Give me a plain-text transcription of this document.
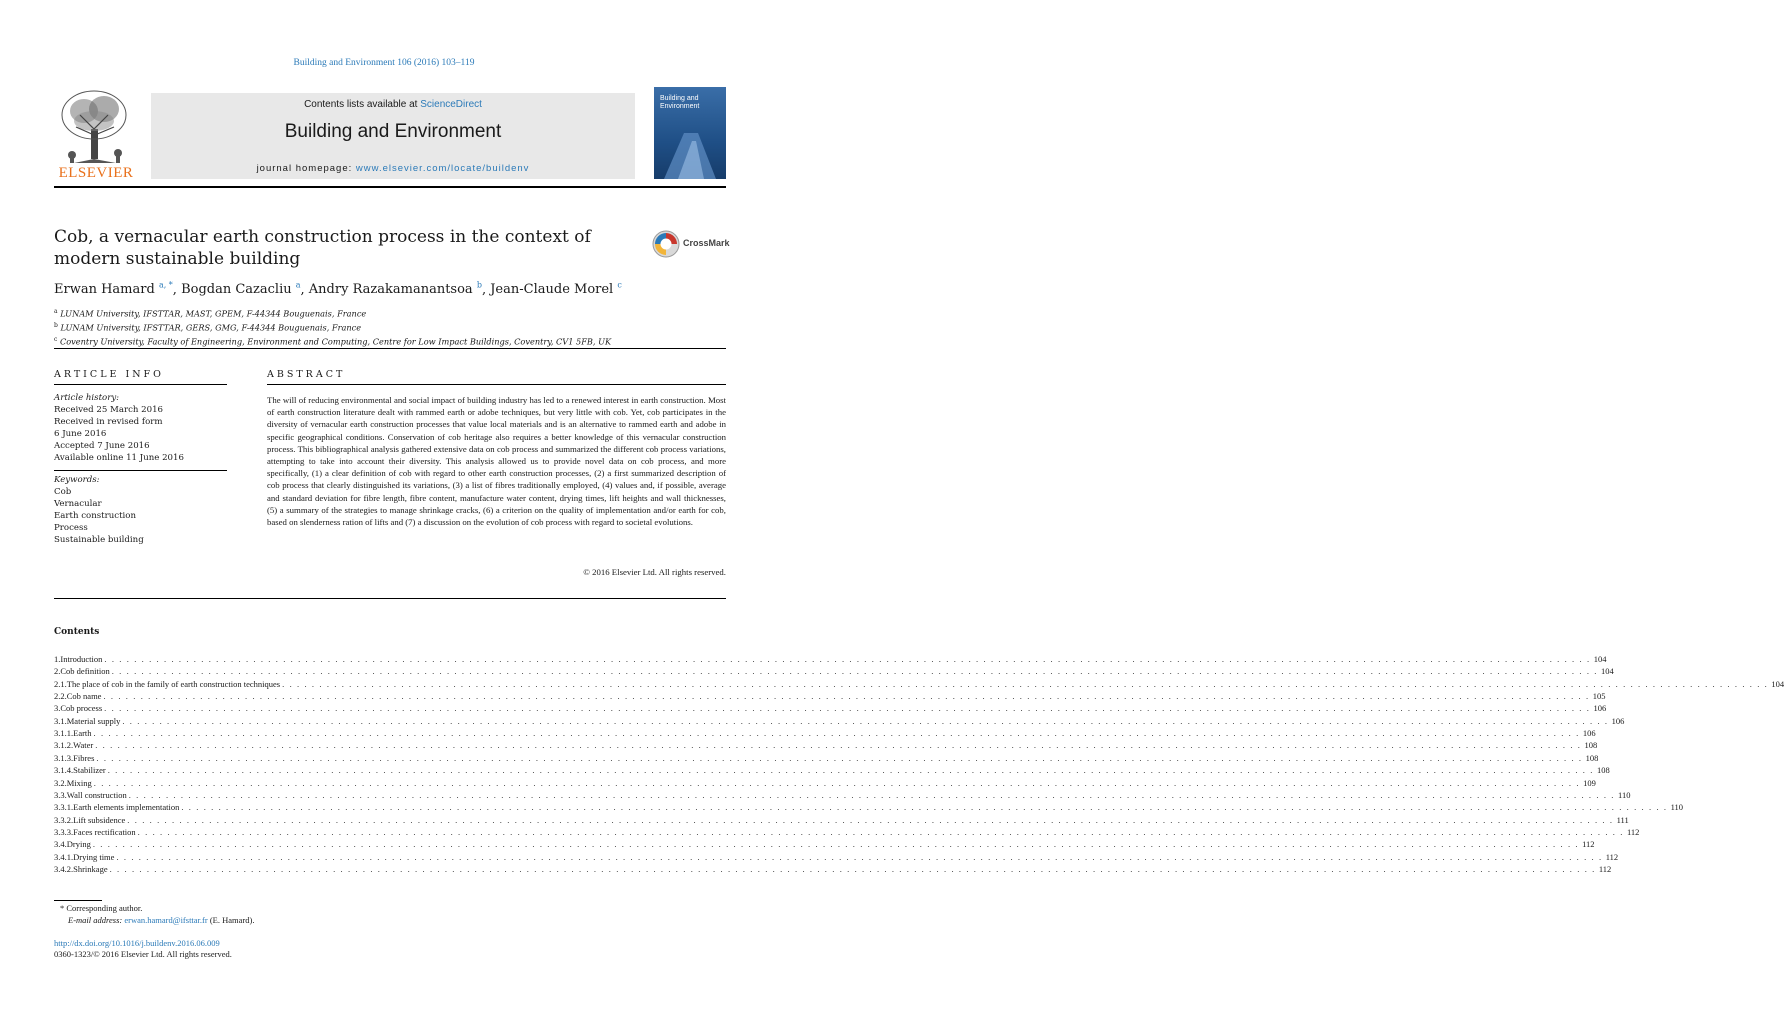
Building and Environment 106 (2016) 103–119
ELSEVIER
Contents lists available at ScienceDirect
Building and Environment
journal homepage: www.elsevier.com/locate/buildenv
Building and Environment
Cob, a vernacular earth construction process in the context of modern sustainable building
CrossMark
Erwan Hamard $^{a, *}$, Bogdan Cazacliu $^a$, Andry Razakamanantsoa $^b$, Jean-Claude Morel $^c$
$^a$ LUNAM University, IFSTTAR, MAST, GPEM, F-44344 Bouguenais, France
$^b$ LUNAM University, IFSTTAR, GERS, GMG, F-44344 Bouguenais, France
$^c$ Coventry University, Faculty of Engineering, Environment and Computing, Centre for Low Impact Buildings, Coventry, CV1 5FB, UK
ARTICLE INFO	ABSTRACT
Article history:
Received 25 March 2016
Received in revised form
6 June 2016
Accepted 7 June 2016
Available online 11 June 2016
Keywords:
Cob
Vernacular
Earth construction
Process
Sustainable building
The will of reducing environmental and social impact of building industry has led to a renewed interest in earth construction. Most of earth construction literature dealt with rammed earth or adobe techniques, but very little with cob. Yet, cob participates in the diversity of vernacular earth construction processes that value local materials and is an alternative to rammed earth and adobe in specific geographical conditions. Conservation of cob heritage also requires a better knowledge of this vernacular construction process. This bibliographical analysis gathered extensive data on cob process and summarized the different cob process variations, attempting to take into account their diversity. This analysis allowed us to provide novel data on cob process, and more specifically, (1) a clear definition of cob with regard to other earth construction processes, (2) a first summarized description of cob process that clearly distinguished its variations, (3) a list of fibres traditionally employed, (4) values and, if possible, average and standard deviation for fibre length, fibre content, manufacture water content, drying times, lift heights and wall thicknesses, (5) a summary of the strategies to manage shrinkage cracks, (6) a criterion on the quality of implementation and/or earth for cob, based on slenderness ration of lifts and (7) a discussion on the evolution of cob process with regard to societal evolutions.
© 2016 Elsevier Ltd. All rights reserved.
Contents
1. Introduction . . . . . . . . . . . . . . . . . . . . . . . . . . . . . . . . . . . . . . . . . . . . . . . . . . . . . . . . . . . . . . . . . . . . . . . . . . . . . . . . . . . . . . . . . . . . . . . . . . . . . . . . . . . . . . . . . . . . . . . . . . . . . . . . . . . . . . . . . . . . . . . . . . . . . . . . . . . . . . . . . . . . . . . . . . . . . . . . . . . . . . . . . . . . . . . . . . . . . . . . 104
2. Cob definition . . . . . . . . . . . . . . . . . . . . . . . . . . . . . . . . . . . . . . . . . . . . . . . . . . . . . . . . . . . . . . . . . . . . . . . . . . . . . . . . . . . . . . . . . . . . . . . . . . . . . . . . . . . . . . . . . . . . . . . . . . . . . . . . . . . . . . . . . . . . . . . . . . . . . . . . . . . . . . . . . . . . . . . . . . . . . . . . . . . . . . . . . . . . . . . . . . . . . . . . 104
2.1. The place of cob in the family of earth construction techniques . . . . . . . . . . . . . . . . . . . . . . . . . . . . . . . . . . . . . . . . . . . . . . . . . . . . . . . . . . . . . . . . . . . . . . . . . . . . . . . . . . . . . . . . . . . . . . . . . . . . . . . . . . . . . . . . . . . . . . . . . . . . . . . . . . . . . . . . . . . . . . . . . . . . . . . . . . . . . . . . . . . . . . . . . . . . . . . . . . . . . . . . . . . . . . . . . . . . . . . . 104
2.2. Cob name . . . . . . . . . . . . . . . . . . . . . . . . . . . . . . . . . . . . . . . . . . . . . . . . . . . . . . . . . . . . . . . . . . . . . . . . . . . . . . . . . . . . . . . . . . . . . . . . . . . . . . . . . . . . . . . . . . . . . . . . . . . . . . . . . . . . . . . . . . . . . . . . . . . . . . . . . . . . . . . . . . . . . . . . . . . . . . . . . . . . . . . . . . . . . . . . . . . . . . . . 105
3. Cob process . . . . . . . . . . . . . . . . . . . . . . . . . . . . . . . . . . . . . . . . . . . . . . . . . . . . . . . . . . . . . . . . . . . . . . . . . . . . . . . . . . . . . . . . . . . . . . . . . . . . . . . . . . . . . . . . . . . . . . . . . . . . . . . . . . . . . . . . . . . . . . . . . . . . . . . . . . . . . . . . . . . . . . . . . . . . . . . . . . . . . . . . . . . . . . . . . . . . . . . . 106
3.1. Material supply . . . . . . . . . . . . . . . . . . . . . . . . . . . . . . . . . . . . . . . . . . . . . . . . . . . . . . . . . . . . . . . . . . . . . . . . . . . . . . . . . . . . . . . . . . . . . . . . . . . . . . . . . . . . . . . . . . . . . . . . . . . . . . . . . . . . . . . . . . . . . . . . . . . . . . . . . . . . . . . . . . . . . . . . . . . . . . . . . . . . . . . . . . . . . . . . . . . . . . . . 106
3.1.1. Earth . . . . . . . . . . . . . . . . . . . . . . . . . . . . . . . . . . . . . . . . . . . . . . . . . . . . . . . . . . . . . . . . . . . . . . . . . . . . . . . . . . . . . . . . . . . . . . . . . . . . . . . . . . . . . . . . . . . . . . . . . . . . . . . . . . . . . . . . . . . . . . . . . . . . . . . . . . . . . . . . . . . . . . . . . . . . . . . . . . . . . . . . . . . . . . . . . . . . . . . . 106
3.1.2. Water . . . . . . . . . . . . . . . . . . . . . . . . . . . . . . . . . . . . . . . . . . . . . . . . . . . . . . . . . . . . . . . . . . . . . . . . . . . . . . . . . . . . . . . . . . . . . . . . . . . . . . . . . . . . . . . . . . . . . . . . . . . . . . . . . . . . . . . . . . . . . . . . . . . . . . . . . . . . . . . . . . . . . . . . . . . . . . . . . . . . . . . . . . . . . . . . . . . . . . . . 108
3.1.3. Fibres . . . . . . . . . . . . . . . . . . . . . . . . . . . . . . . . . . . . . . . . . . . . . . . . . . . . . . . . . . . . . . . . . . . . . . . . . . . . . . . . . . . . . . . . . . . . . . . . . . . . . . . . . . . . . . . . . . . . . . . . . . . . . . . . . . . . . . . . . . . . . . . . . . . . . . . . . . . . . . . . . . . . . . . . . . . . . . . . . . . . . . . . . . . . . . . . . . . . . . . . 108
3.1.4. Stabilizer . . . . . . . . . . . . . . . . . . . . . . . . . . . . . . . . . . . . . . . . . . . . . . . . . . . . . . . . . . . . . . . . . . . . . . . . . . . . . . . . . . . . . . . . . . . . . . . . . . . . . . . . . . . . . . . . . . . . . . . . . . . . . . . . . . . . . . . . . . . . . . . . . . . . . . . . . . . . . . . . . . . . . . . . . . . . . . . . . . . . . . . . . . . . . . . . . . . . . . . . 108
3.2. Mixing . . . . . . . . . . . . . . . . . . . . . . . . . . . . . . . . . . . . . . . . . . . . . . . . . . . . . . . . . . . . . . . . . . . . . . . . . . . . . . . . . . . . . . . . . . . . . . . . . . . . . . . . . . . . . . . . . . . . . . . . . . . . . . . . . . . . . . . . . . . . . . . . . . . . . . . . . . . . . . . . . . . . . . . . . . . . . . . . . . . . . . . . . . . . . . . . . . . . . . . . 109
3.3. Wall construction . . . . . . . . . . . . . . . . . . . . . . . . . . . . . . . . . . . . . . . . . . . . . . . . . . . . . . . . . . . . . . . . . . . . . . . . . . . . . . . . . . . . . . . . . . . . . . . . . . . . . . . . . . . . . . . . . . . . . . . . . . . . . . . . . . . . . . . . . . . . . . . . . . . . . . . . . . . . . . . . . . . . . . . . . . . . . . . . . . . . . . . . . . . . . . . . . . . . . . . . 110
3.3.1. Earth elements implementation . . . . . . . . . . . . . . . . . . . . . . . . . . . . . . . . . . . . . . . . . . . . . . . . . . . . . . . . . . . . . . . . . . . . . . . . . . . . . . . . . . . . . . . . . . . . . . . . . . . . . . . . . . . . . . . . . . . . . . . . . . . . . . . . . . . . . . . . . . . . . . . . . . . . . . . . . . . . . . . . . . . . . . . . . . . . . . . . . . . . . . . . . . . . . . . . . . . . . . . . 110
3.3.2. Lift subsidence . . . . . . . . . . . . . . . . . . . . . . . . . . . . . . . . . . . . . . . . . . . . . . . . . . . . . . . . . . . . . . . . . . . . . . . . . . . . . . . . . . . . . . . . . . . . . . . . . . . . . . . . . . . . . . . . . . . . . . . . . . . . . . . . . . . . . . . . . . . . . . . . . . . . . . . . . . . . . . . . . . . . . . . . . . . . . . . . . . . . . . . . . . . . . . . . . . . . . . . . 111
3.3.3. Faces rectification . . . . . . . . . . . . . . . . . . . . . . . . . . . . . . . . . . . . . . . . . . . . . . . . . . . . . . . . . . . . . . . . . . . . . . . . . . . . . . . . . . . . . . . . . . . . . . . . . . . . . . . . . . . . . . . . . . . . . . . . . . . . . . . . . . . . . . . . . . . . . . . . . . . . . . . . . . . . . . . . . . . . . . . . . . . . . . . . . . . . . . . . . . . . . . . . . . . . . . . . 112
3.4. Drying . . . . . . . . . . . . . . . . . . . . . . . . . . . . . . . . . . . . . . . . . . . . . . . . . . . . . . . . . . . . . . . . . . . . . . . . . . . . . . . . . . . . . . . . . . . . . . . . . . . . . . . . . . . . . . . . . . . . . . . . . . . . . . . . . . . . . . . . . . . . . . . . . . . . . . . . . . . . . . . . . . . . . . . . . . . . . . . . . . . . . . . . . . . . . . . . . . . . . . . . 112
3.4.1. Drying time . . . . . . . . . . . . . . . . . . . . . . . . . . . . . . . . . . . . . . . . . . . . . . . . . . . . . . . . . . . . . . . . . . . . . . . . . . . . . . . . . . . . . . . . . . . . . . . . . . . . . . . . . . . . . . . . . . . . . . . . . . . . . . . . . . . . . . . . . . . . . . . . . . . . . . . . . . . . . . . . . . . . . . . . . . . . . . . . . . . . . . . . . . . . . . . . . . . . . . . . 112
3.4.2. Shrinkage . . . . . . . . . . . . . . . . . . . . . . . . . . . . . . . . . . . . . . . . . . . . . . . . . . . . . . . . . . . . . . . . . . . . . . . . . . . . . . . . . . . . . . . . . . . . . . . . . . . . . . . . . . . . . . . . . . . . . . . . . . . . . . . . . . . . . . . . . . . . . . . . . . . . . . . . . . . . . . . . . . . . . . . . . . . . . . . . . . . . . . . . . . . . . . . . . . . . . . . . 112
* Corresponding author.
E-mail address: erwan.hamard@ifsttar.fr (E. Hamard).
http://dx.doi.org/10.1016/j.buildenv.2016.06.009
0360-1323/© 2016 Elsevier Ltd. All rights reserved.
